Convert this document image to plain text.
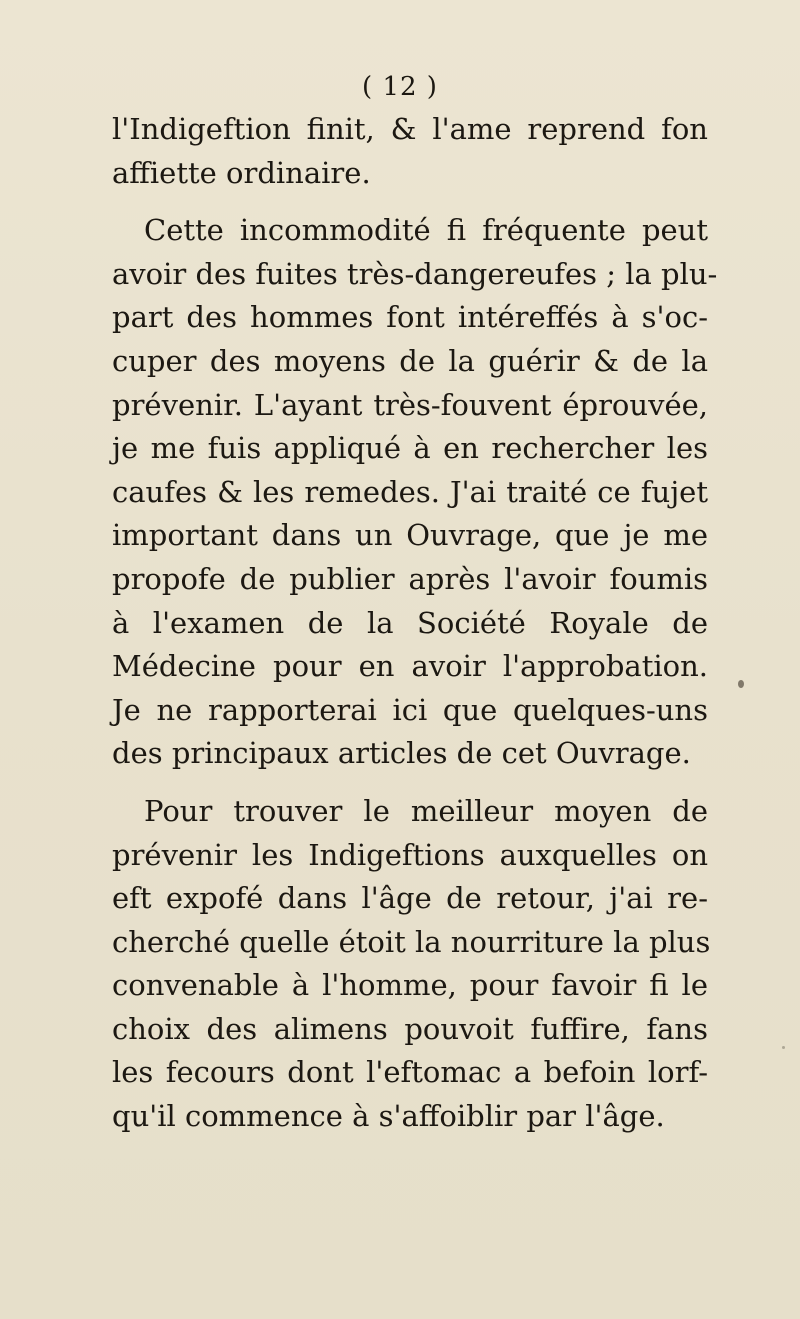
( 12 )
l'Indigeftion finit, & l'ame reprend fon
affiette ordinaire.
Cette incommodité fi fréquente peut
avoir des fuites très-dangereufes ; la plu-
part des hommes font intéreffés à s'oc-
cuper des moyens de la guérir & de la
prévenir. L'ayant très-fouvent éprouvée,
je me fuis appliqué à en rechercher les
caufes & les remedes. J'ai traité ce fujet
important dans un Ouvrage, que je me
propofe de publier après l'avoir foumis
à l'examen de la Société Royale de
Médecine pour en avoir l'approbation.
Je ne rapporterai ici que quelques-uns
des principaux articles de cet Ouvrage.
Pour trouver le meilleur moyen de
prévenir les Indigeftions auxquelles on
eft expofé dans l'âge de retour, j'ai re-
cherché quelle étoit la nourriture la plus
convenable à l'homme, pour favoir fi le
choix des alimens pouvoit fuffire, fans
les fecours dont l'eftomac a befoin lorf-
qu'il commence à s'affoiblir par l'âge.
